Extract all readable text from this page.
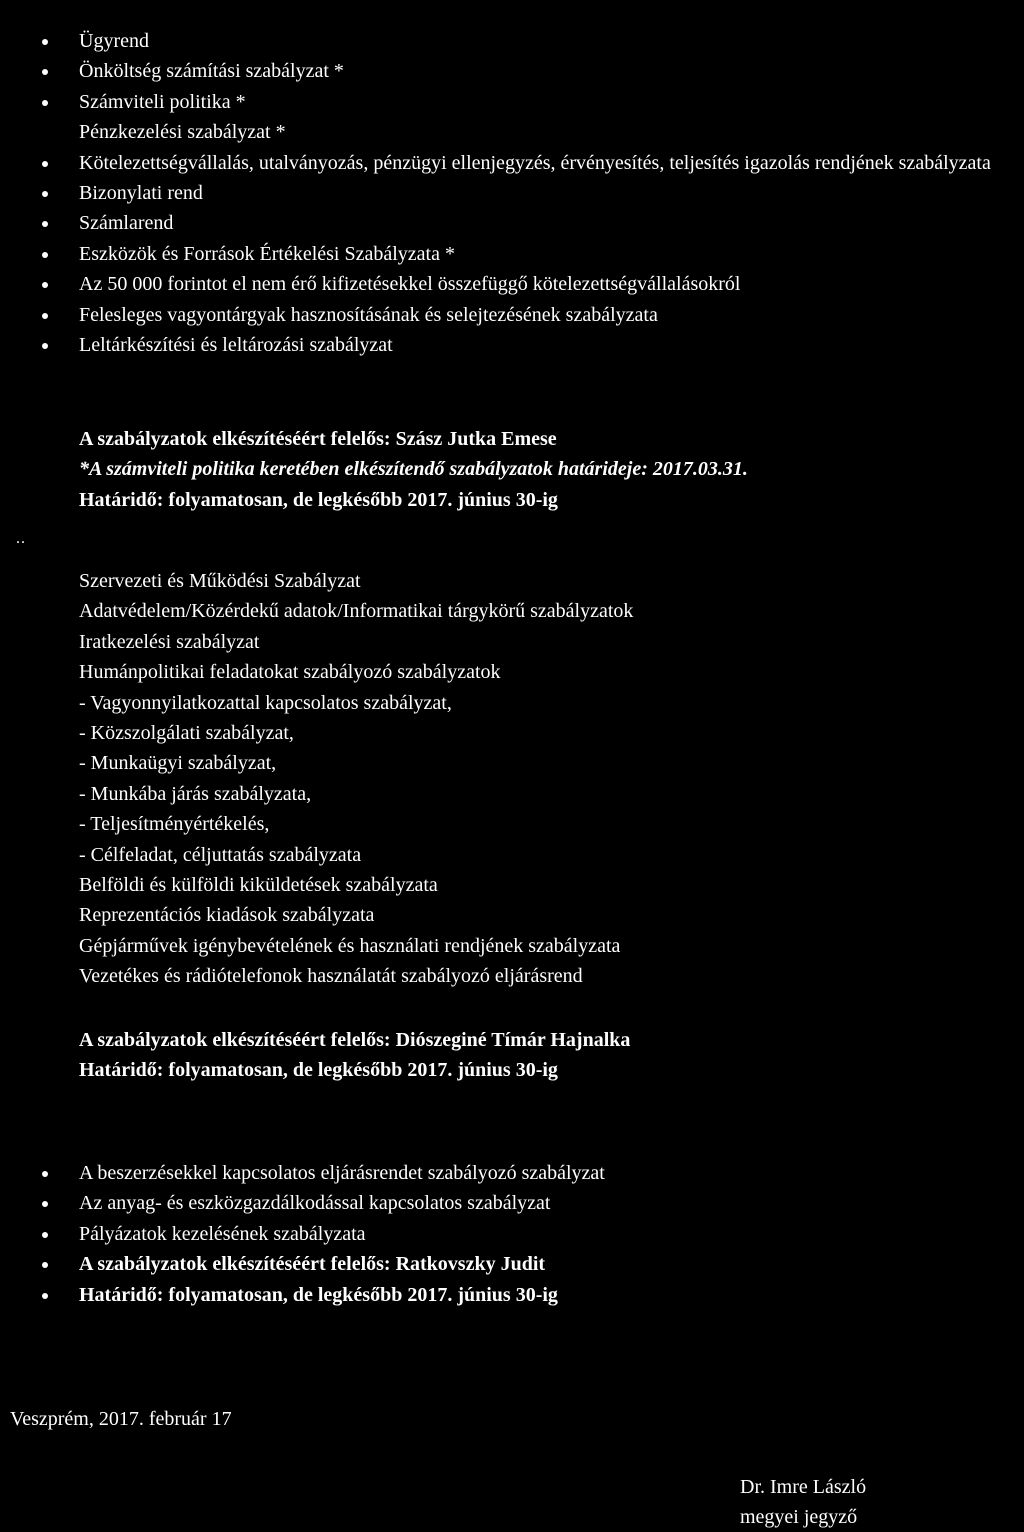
Ügyrend
Önköltség számítási szabályzat *
Számviteli politika *
Pénzkezelési szabályzat *
Kötelezettségvállalás, utalványozás, pénzügyi ellenjegyzés, érvényesítés, teljesítés igazolás rendjének szabályzata
Bizonylati rend
Számlarend
Eszközök és Források Értékelési Szabályzata *
Az 50 000 forintot el nem érő kifizetésekkel összefüggő kötelezettségvállalásokról
Felesleges vagyontárgyak hasznosításának és selejtezésének szabályzata
Leltárkészítési és leltározási szabályzat
A szabályzatok elkészítéséért felelős: Szász Jutka Emese
*A számviteli politika keretében elkészítendő szabályzatok határideje: 2017.03.31.
Határidő: folyamatosan, de legkésőbb 2017. június 30-ig
..
Szervezeti és Működési Szabályzat
Adatvédelem/Közérdekű adatok/Informatikai tárgykörű szabályzatok
Iratkezelési szabályzat
Humánpolitikai feladatokat szabályozó szabályzatok
- Vagyonnyilatkozattal kapcsolatos szabályzat,
- Közszolgálati szabályzat,
- Munkaügyi szabályzat,
- Munkába járás szabályzata,
- Teljesítményértékelés,
- Célfeladat, céljuttatás szabályzata
Belföldi és külföldi kiküldetések szabályzata
Reprezentációs kiadások szabályzata
Gépjárművek igénybevételének és használati rendjének szabályzata
Vezetékes és rádiótelefonok használatát szabályozó eljárásrend
A szabályzatok elkészítéséért felelős: Diószeginé Tímár Hajnalka
Határidő: folyamatosan, de legkésőbb 2017. június 30-ig
A beszerzésekkel kapcsolatos eljárásrendet szabályozó szabályzat
Az anyag- és eszközgazdálkodással kapcsolatos szabályzat
Pályázatok kezelésének szabályzata
A szabályzatok elkészítéséért felelős: Ratkovszky Judit
Határidő: folyamatosan, de legkésőbb 2017. június 30-ig
Veszprém, 2017. február 17
Dr. Imre László
megyei jegyző
